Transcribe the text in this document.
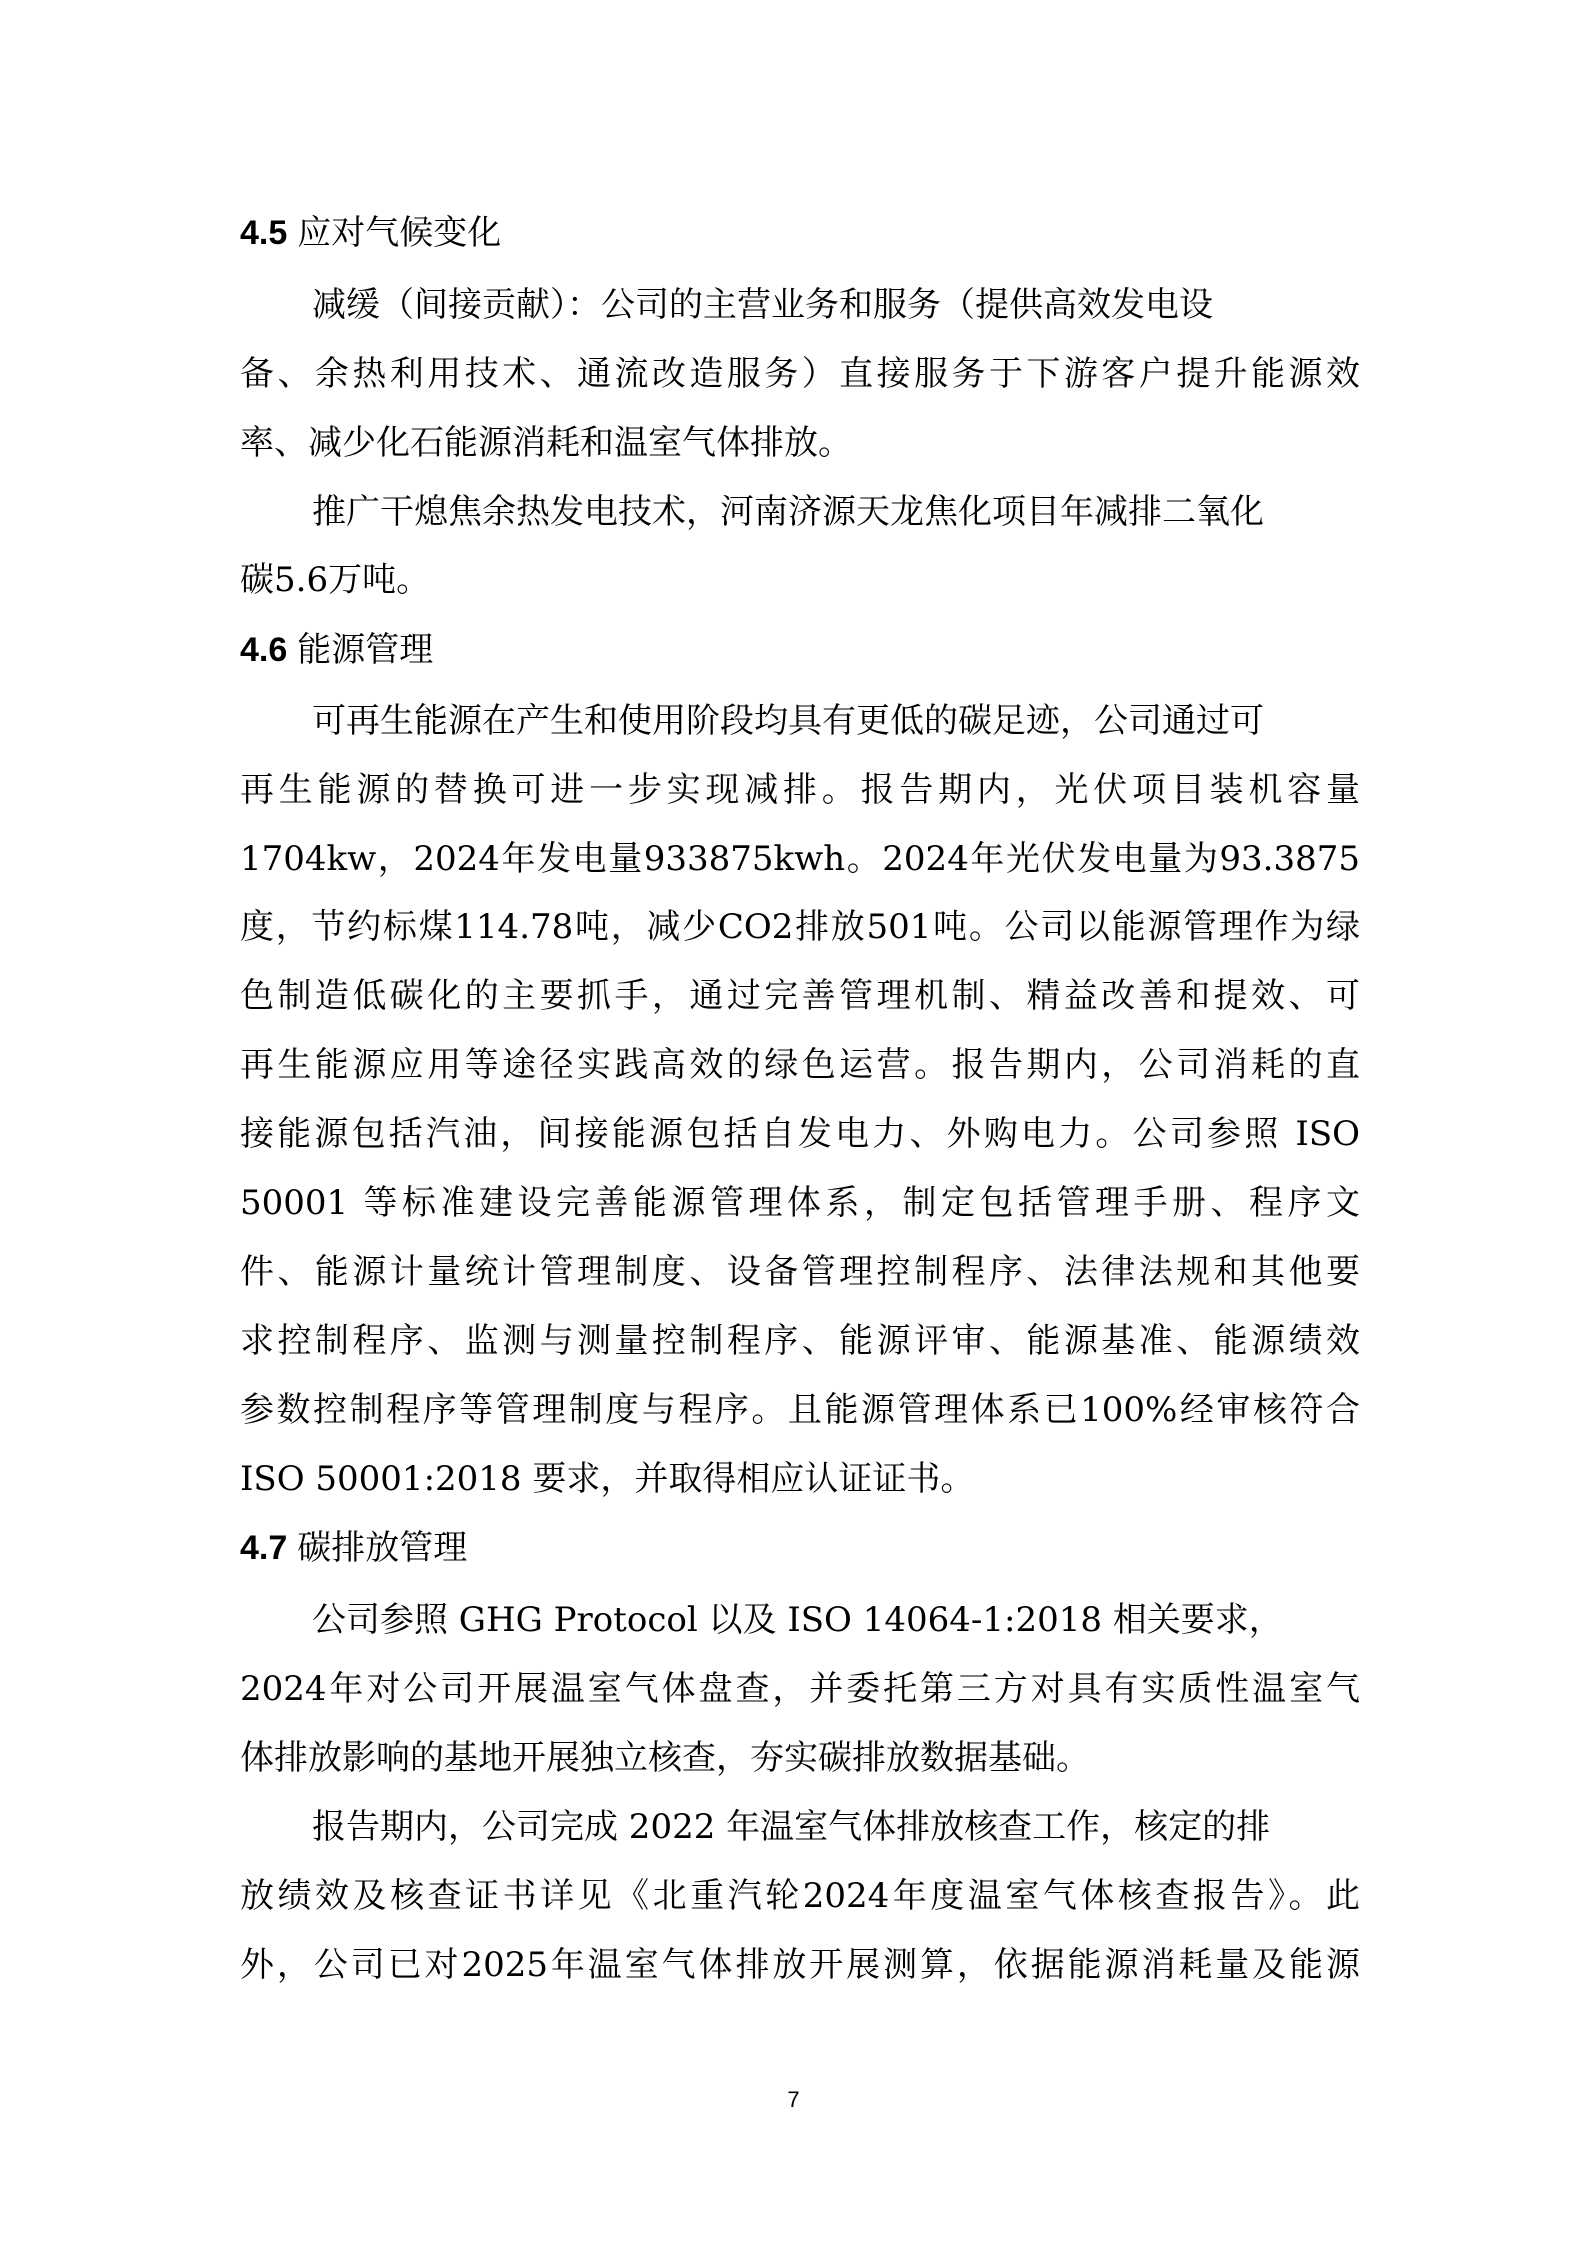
4.5 应对气候变化
减缓（间接贡献）：公司的主营业务和服务（提供高效发电设
备、余热利用技术、通流改造服务）直接服务于下游客户提升能源效
率、减少化石能源消耗和温室气体排放。
推广干熄焦余热发电技术，河南济源天龙焦化项目年减排二氧化
碳5.6万吨。
4.6 能源管理
可再生能源在产生和使用阶段均具有更低的碳足迹，公司通过可
再生能源的替换可进一步实现减排。报告期内，光伏项目装机容量
1704kw，2024年发电量933875kwh。2024年光伏发电量为93.3875
度，节约标煤114.78吨，减少CO2排放501吨。公司以能源管理作为绿
色制造低碳化的主要抓手，通过完善管理机制、精益改善和提效、可
再生能源应用等途径实践高效的绿色运营。报告期内，公司消耗的直
接能源包括汽油，间接能源包括自发电力、外购电力。公司参照 ISO
50001 等标准建设完善能源管理体系，制定包括管理手册、程序文
件、能源计量统计管理制度、设备管理控制程序、法律法规和其他要
求控制程序、监测与测量控制程序、能源评审、能源基准、能源绩效
参数控制程序等管理制度与程序。且能源管理体系已100%经审核符合
ISO 50001:2018 要求，并取得相应认证证书。
4.7 碳排放管理
公司参照 GHG Protocol 以及 ISO 14064-1:2018 相关要求，
2024年对公司开展温室气体盘查，并委托第三方对具有实质性温室气
体排放影响的基地开展独立核查，夯实碳排放数据基础。
报告期内，公司完成 2022 年温室气体排放核查工作，核定的排
放绩效及核查证书详见《北重汽轮2024年度温室气体核查报告》。此
外，公司已对2025年温室气体排放开展测算，依据能源消耗量及能源
7
